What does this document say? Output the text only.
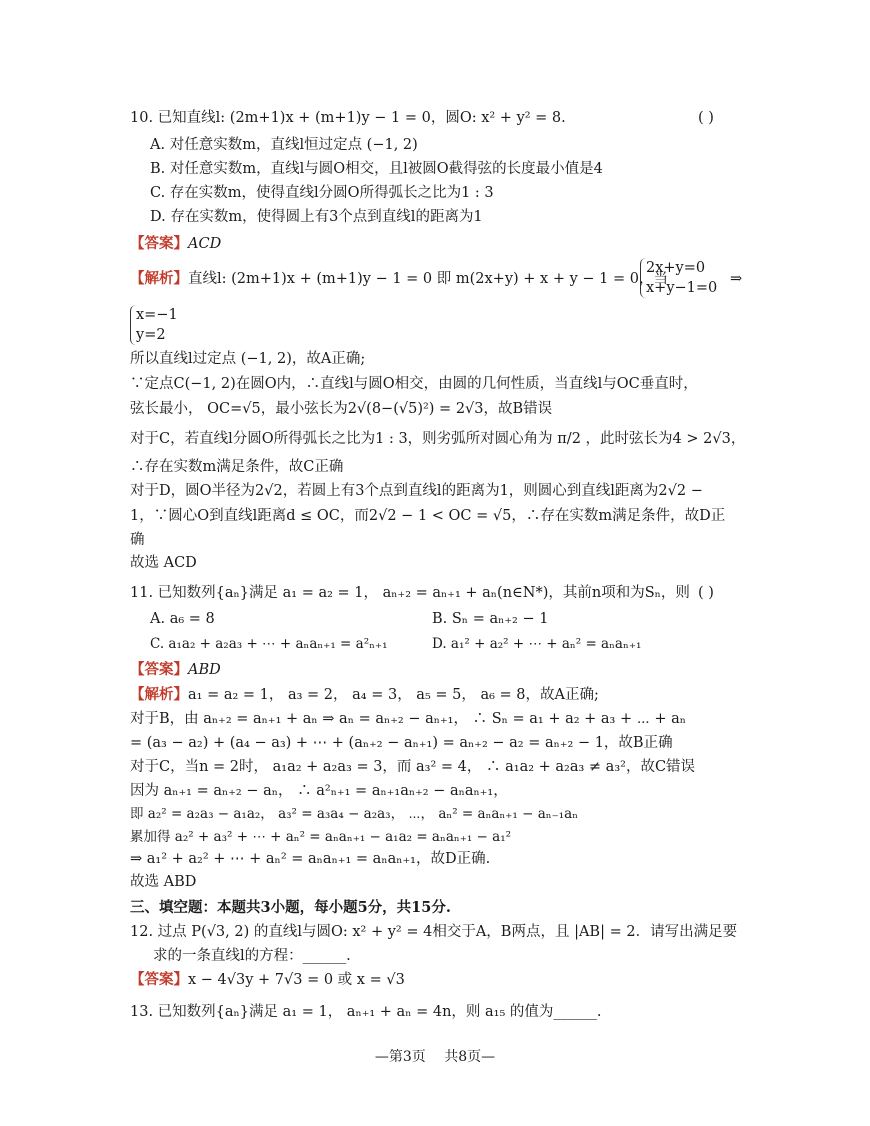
10. 已知直线l: (2m+1)x + (m+1)y − 1 = 0，圆O: x² + y² = 8.	( )
A. 对任意实数m，直线l恒过定点 (−1, 2)
B. 对任意实数m，直线l与圆O相交，且l被圆O截得弦的长度最小值是4
C. 存在实数m，使得直线l分圆O所得弧长之比为1 : 3
D. 存在实数m，使得圆上有3个点到直线l的距离为1
【答案】ACD
【解析】直线l: (2m+1)x + (m+1)y − 1 = 0 即 m(2x+y) + x + y − 1 = 0，当
2x+y=0
x+y−1=0
⇒
x=−1
y=2
所以直线l过定点 (−1, 2)，故A正确;
∵定点C(−1, 2)在圆O内，∴直线l与圆O相交，由圆的几何性质，当直线l与OC垂直时，
弦长最小， OC=√5，最小弦长为2√(8−(√5)²) = 2√3，故B错误
对于C，若直线l分圆O所得弧长之比为1 : 3，则劣弧所对圆心角为 π/2 ，此时弦长为4 > 2√3，
∴存在实数m满足条件，故C正确
对于D，圆O半径为2√2，若圆上有3个点到直线l的距离为1，则圆心到直线l距离为2√2 −
1，∵圆心O到直线l距离d ≤ OC，而2√2 − 1 < OC = √5，∴存在实数m满足条件，故D正
确
故选 ACD
11. 已知数列{aₙ}满足 a₁ = a₂ = 1， aₙ₊₂ = aₙ₊₁ + aₙ(n∈N*)，其前n项和为Sₙ，则 ( )
A. a₆ = 8	B. Sₙ = aₙ₊₂ − 1
C. a₁a₂ + a₂a₃ + ⋯ + aₙaₙ₊₁ = a²ₙ₊₁	D. a₁² + a₂² + ⋯ + aₙ² = aₙaₙ₊₁
【答案】ABD
【解析】a₁ = a₂ = 1， a₃ = 2， a₄ = 3， a₅ = 5， a₆ = 8，故A正确;
对于B，由 aₙ₊₂ = aₙ₊₁ + aₙ ⇒ aₙ = aₙ₊₂ − aₙ₊₁， ∴ Sₙ = a₁ + a₂ + a₃ + ⋯ + aₙ
= (a₃ − a₂) + (a₄ − a₃) + ⋯ + (aₙ₊₂ − aₙ₊₁) = aₙ₊₂ − a₂ = aₙ₊₂ − 1，故B正确
对于C，当n = 2时， a₁a₂ + a₂a₃ = 3，而 a₃² = 4， ∴ a₁a₂ + a₂a₃ ≠ a₃²，故C错误
因为 aₙ₊₁ = aₙ₊₂ − aₙ， ∴ a²ₙ₊₁ = aₙ₊₁aₙ₊₂ − aₙaₙ₊₁，
即 a₂² = a₂a₃ − a₁a₂， a₃² = a₃a₄ − a₂a₃， ⋯， aₙ² = aₙaₙ₊₁ − aₙ₋₁aₙ
累加得 a₂² + a₃² + ⋯ + aₙ² = aₙaₙ₊₁ − a₁a₂ = aₙaₙ₊₁ − a₁²
⇒ a₁² + a₂² + ⋯ + aₙ² = aₙaₙ₊₁ = aₙaₙ₊₁，故D正确.
故选 ABD
三、填空题：本题共3小题，每小题5分，共15分.
12. 过点 P(√3, 2) 的直线l与圆O: x² + y² = 4相交于A，B两点，且 |AB| = 2．请写出满足要
求的一条直线l的方程：______.
【答案】x − 4√3y + 7√3 = 0 或 x = √3
13. 已知数列{aₙ}满足 a₁ = 1， aₙ₊₁ + aₙ = 4n，则 a₁₅ 的值为______.
—第3页　 共8页—
